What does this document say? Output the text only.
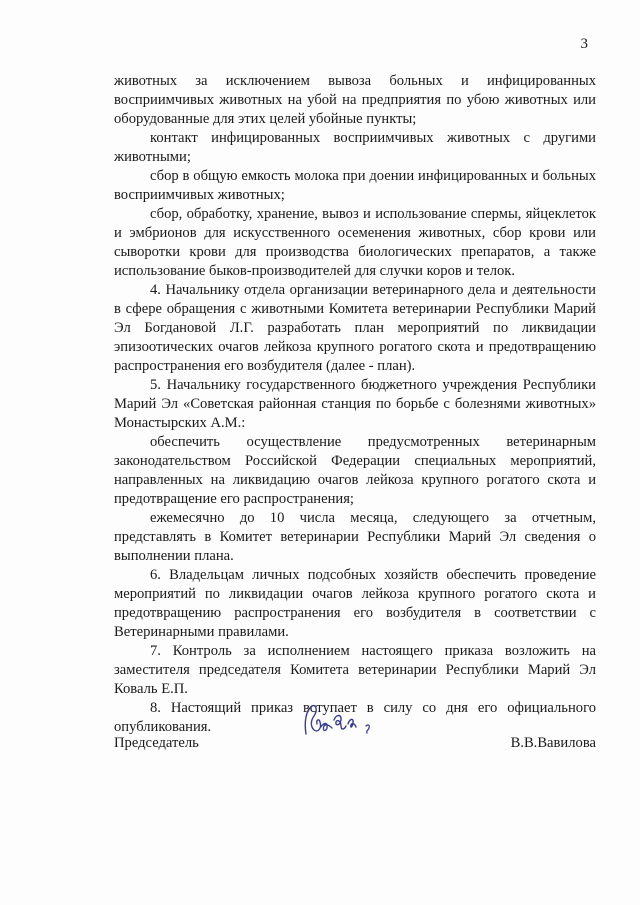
3

животных за исключением вывоза больных и инфицированных восприимчивых животных на убой на предприятия по убою животных или оборудованные для этих целей убойные пункты;

контакт инфицированных восприимчивых животных с другими животными;

сбор в общую емкость молока при доении инфицированных и больных восприимчивых животных;

сбор, обработку, хранение, вывоз и использование спермы, яйцеклеток и эмбрионов для искусственного осеменения животных, сбор крови или сыворотки крови для производства биологических препаратов, а также использование быков-производителей для случки коров и телок.

4. Начальнику отдела организации ветеринарного дела и деятельности в сфере обращения с животными Комитета ветеринарии Республики Марий Эл Богдановой Л.Г. разработать план мероприятий по ликвидации эпизоотических очагов лейкоза крупного рогатого скота и предотвращению распространения его возбудителя (далее - план).

5. Начальнику государственного бюджетного учреждения Республики Марий Эл «Советская районная станция по борьбе с болезнями животных» Монастырских А.М.:

обеспечить осуществление предусмотренных ветеринарным законодательством Российской Федерации специальных мероприятий, направленных на ликвидацию очагов лейкоза крупного рогатого скота и предотвращение его распространения;

ежемесячно до 10 числа месяца, следующего за отчетным, представлять в Комитет ветеринарии Республики Марий Эл сведения о выполнении плана.

6. Владельцам личных подсобных хозяйств обеспечить проведение мероприятий по ликвидации очагов лейкоза крупного рогатого скота и предотвращению распространения его возбудителя в соответствии с Ветеринарными правилами.

7. Контроль за исполнением настоящего приказа возложить на заместителя председателя Комитета ветеринарии Республики Марий Эл Коваль Е.П.

8. Настоящий приказ вступает в силу со дня его официального опубликования.

Председатель	В.В.Вавилова
